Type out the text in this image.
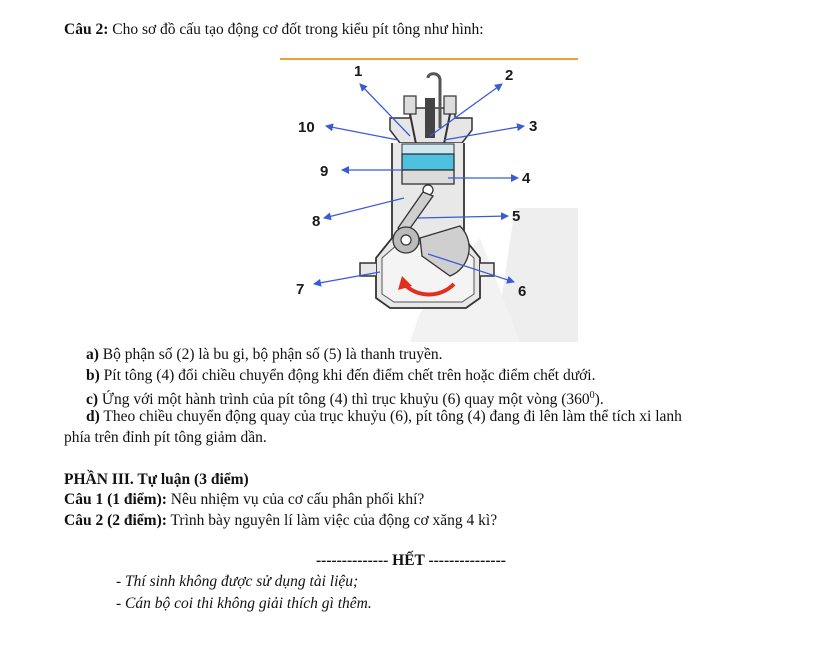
Câu 2: Cho sơ đồ cấu tạo động cơ đốt trong kiểu pít tông như hình:
1	2
3
4
5
6
7
8
9
10
a) Bộ phận số (2) là bu gi, bộ phận số (5) là thanh truyền.
b) Pít tông (4) đổi chiều chuyển động khi đến điểm chết trên hoặc điểm chết dưới.
c) Ứng với một hành trình của pít tông (4) thì trục khuỷu (6) quay một vòng $(360^0)$.
d) Theo chiều chuyển động quay của trục khuỷu (6), pít tông (4) đang đi lên làm thể tích xi lanh
phía trên đỉnh pít tông giảm dần.
PHẦN III. Tự luận (3 điểm)
Câu 1 (1 điểm): Nêu nhiệm vụ của cơ cấu phân phối khí?
Câu 2 (2 điểm): Trình bày nguyên lí làm việc của động cơ xăng 4 kì?
-------------- HẾT ---------------
- Thí sinh không được sử dụng tài liệu;
- Cán bộ coi thi không giải thích gì thêm.
